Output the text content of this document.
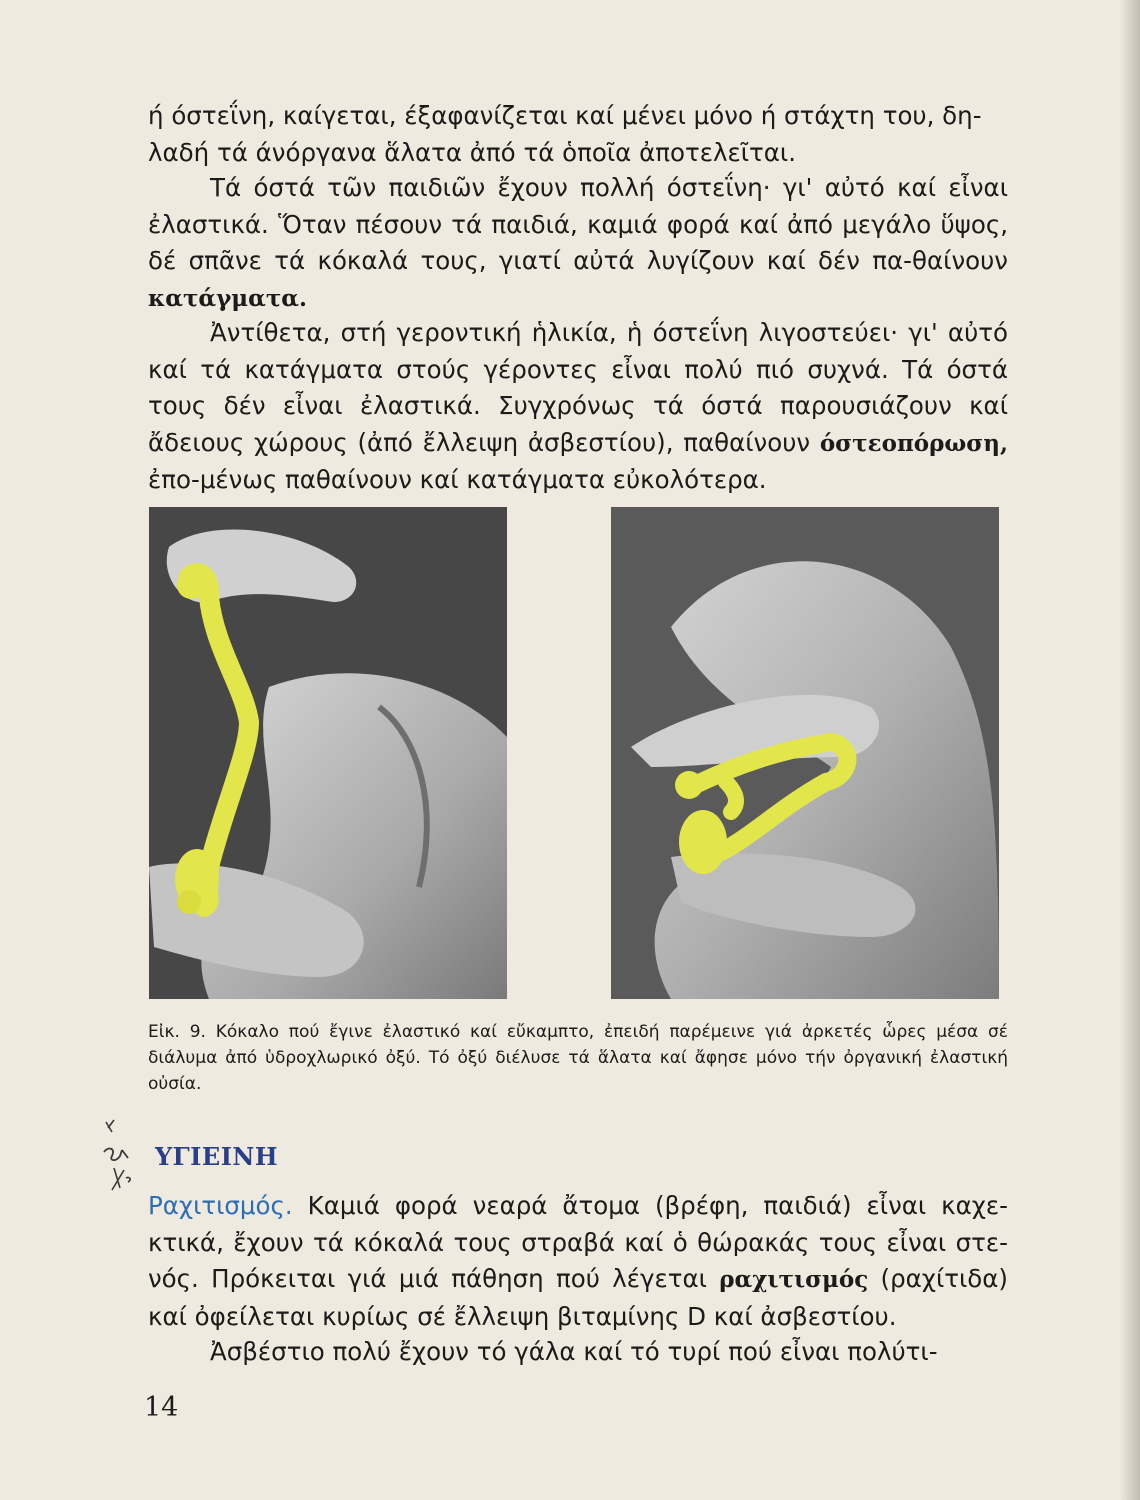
ή όστεΐνη, καίγεται, έξαφανίζεται καί μένει μόνο ή στάχτη του, δη-
λαδή τά άνόργανα ἅλατα ἀπό τά ὁποῖα ἀποτελεῖται.

Τά όστά τῶν παιδιῶν ἔχουν πολλή όστεΐνη· γι' αὐτό καί εἶναι ἐλαστικά. Ὅταν πέσουν τά παιδιά, καμιά φορά καί ἀπό μεγάλο ὕψος, δέ σπᾶνε τά κόκαλά τους, γιατί αὐτά λυγίζουν καί δέν πα-θαίνουν κατάγματα.

Ἀντίθετα, στή γεροντική ἡλικία, ἡ όστεΐνη λιγοστεύει· γι' αὐτό καί τά κατάγματα στούς γέροντες εἶναι πολύ πιό συχνά. Τά όστά τους δέν εἶναι ἐλαστικά. Συγχρόνως τά όστά παρουσιάζουν καί ἄδειους χώρους (ἀπό ἔλλειψη ἀσβεστίου), παθαίνουν όστεοπόρωση, ἐπο-μένως παθαίνουν καί κατάγματα εὐκολότερα.

Εἰκ. 9. Κόκαλο πού ἔγινε ἐλαστικό καί εὔκαμπτο, ἐπειδή παρέμεινε γιά ἀρκετές ὧρες μέσα σέ διάλυμα ἀπό ὑδροχλωρικό ὀξύ. Τό ὀξύ διέλυσε τά ἅλατα καί ἄφησε μόνο τήν ὀργανική ἐλαστική οὐσία.

ΥΓΙΕΙΝΗ

Ραχιτισμός. Καμιά φορά νεαρά ἄτομα (βρέφη, παιδιά) εἶναι καχε-κτικά, ἔχουν τά κόκαλά τους στραβά καί ὁ θώρακάς τους εἶναι στε-νός. Πρόκειται γιά μιά πάθηση πού λέγεται ραχιτισμός (ραχίτιδα) καί ὀφείλεται κυρίως σέ ἔλλειψη βιταμίνης D καί ἀσβεστίου.

Ἀσβέστιο πολύ ἔχουν τό γάλα καί τό τυρί πού εἶναι πολύτι-

14
